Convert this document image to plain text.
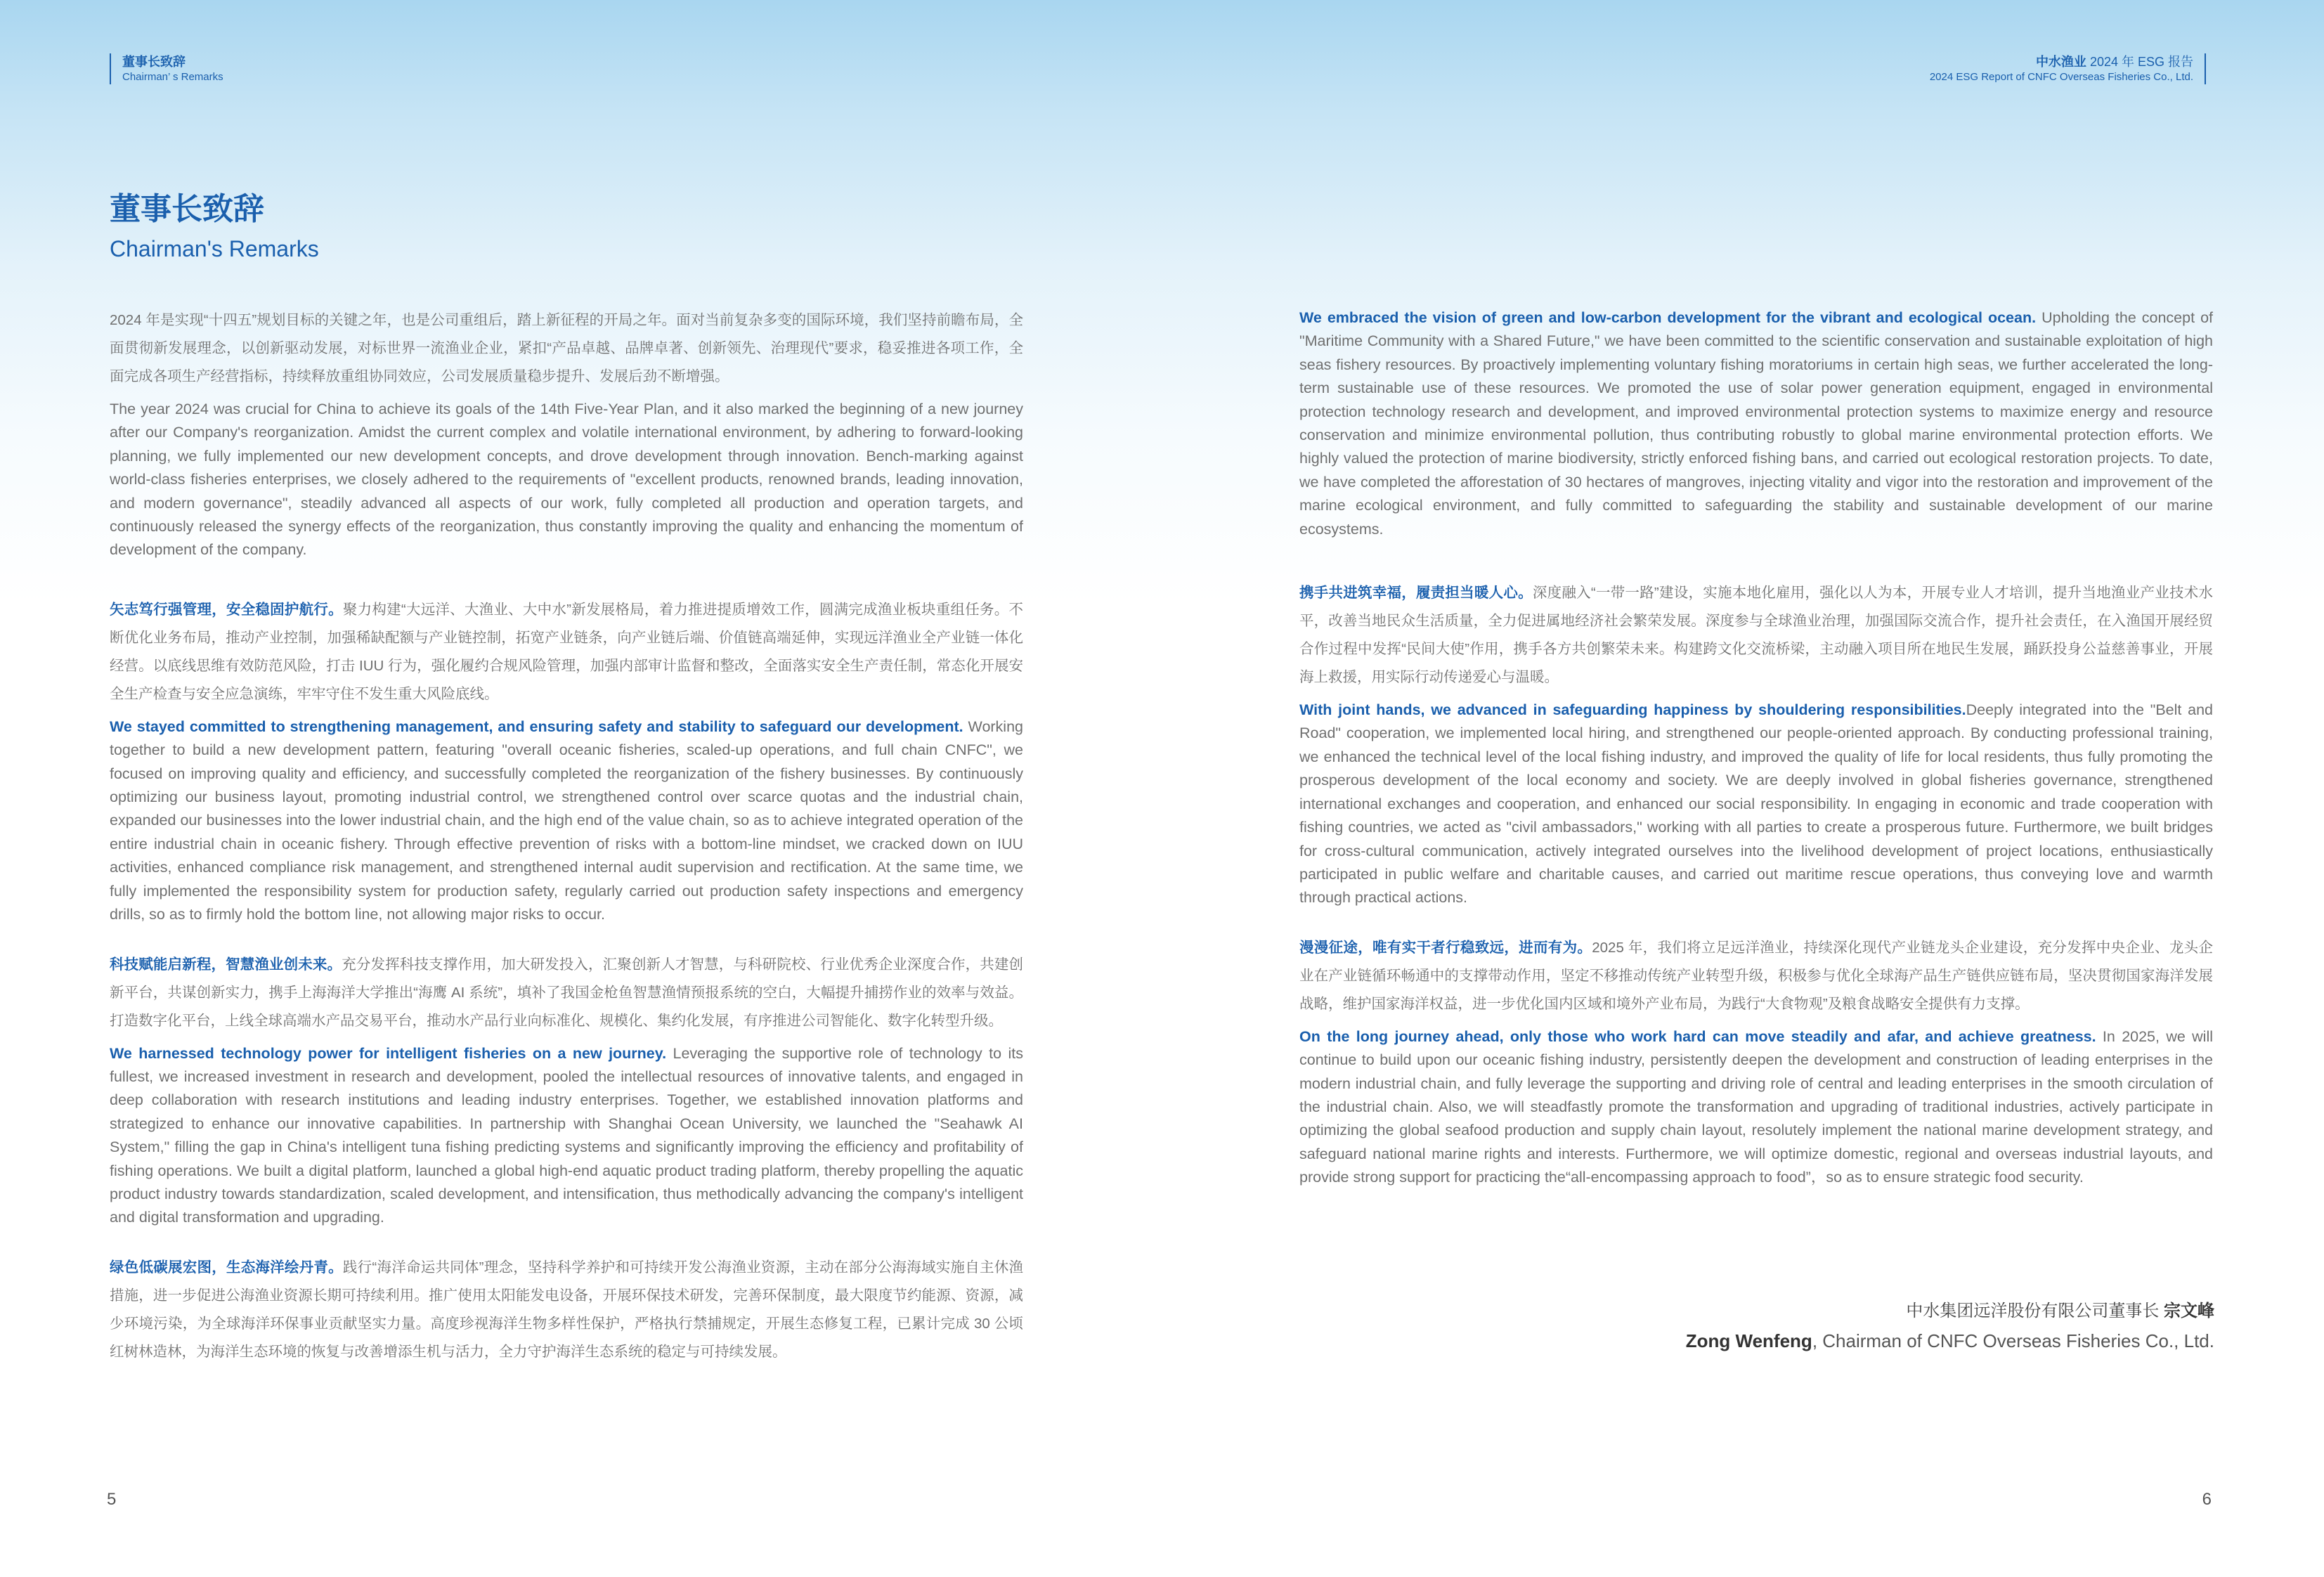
董事长致辞
Chairman’ s Remarks
中水渔业 2024 年 ESG 报告
2024 ESG Report of CNFC Overseas Fisheries Co., Ltd.
董事长致辞
Chairman's Remarks

2024 年是实现“十四五”规划目标的关键之年，也是公司重组后，踏上新征程的开局之年。面对当前复杂多变的国际环境，我们坚持前瞻布局，全面贯彻新发展理念，以创新驱动发展，对标世界一流渔业企业，紧扣“产品卓越、品牌卓著、创新领先、治理现代”要求，稳妥推进各项工作，全面完成各项生产经营指标，持续释放重组协同效应，公司发展质量稳步提升、发展后劲不断增强。

The year 2024 was crucial for China to achieve its goals of the 14th Five-Year Plan, and it also marked the beginning of a new journey after our Company's reorganization. Amidst the current complex and volatile international environment, by adhering to forward-looking planning, we fully implemented our new development concepts, and drove development through innovation. Bench-marking against world-class fisheries enterprises, we closely adhered to the requirements of "excellent products, renowned brands, leading innovation, and modern governance", steadily advanced all aspects of our work, fully completed all production and operation targets, and continuously released the synergy effects of the reorganization, thus constantly improving the quality and enhancing the momentum of development of the company.

矢志笃行强管理，安全稳固护航行。聚力构建“大远洋、大渔业、大中水”新发展格局，着力推进提质增效工作，圆满完成渔业板块重组任务。不断优化业务布局，推动产业控制，加强稀缺配额与产业链控制，拓宽产业链条，向产业链后端、价值链高端延伸，实现远洋渔业全产业链一体化经营。以底线思维有效防范风险，打击 IUU 行为，强化履约合规风险管理，加强内部审计监督和整改，全面落实安全生产责任制，常态化开展安全生产检查与安全应急演练，牢牢守住不发生重大风险底线。

We stayed committed to strengthening management, and ensuring safety and stability to safeguard our development. Working together to build a new development pattern, featuring "overall oceanic fisheries, scaled-up operations, and full chain CNFC", we focused on improving quality and efficiency, and successfully completed the reorganization of the fishery businesses. By continuously optimizing our business layout, promoting industrial control, we strengthened control over scarce quotas and the industrial chain, expanded our businesses into the lower industrial chain, and the high end of the value chain, so as to achieve integrated operation of the entire industrial chain in oceanic fishery. Through effective prevention of risks with a bottom-line mindset, we cracked down on IUU activities, enhanced compliance risk management, and strengthened internal audit supervision and rectification. At the same time, we fully implemented the responsibility system for production safety, regularly carried out production safety inspections and emergency drills, so as to firmly hold the bottom line, not allowing major risks to occur.

科技赋能启新程，智慧渔业创未来。充分发挥科技支撑作用，加大研发投入，汇聚创新人才智慧，与科研院校、行业优秀企业深度合作，共建创新平台，共谋创新实力，携手上海海洋大学推出“海鹰 AI 系统”，填补了我国金枪鱼智慧渔情预报系统的空白，大幅提升捕捞作业的效率与效益。打造数字化平台，上线全球高端水产品交易平台，推动水产品行业向标准化、规模化、集约化发展，有序推进公司智能化、数字化转型升级。

We harnessed technology power for intelligent fisheries on a new journey. Leveraging the supportive role of technology to its fullest, we increased investment in research and development, pooled the intellectual resources of innovative talents, and engaged in deep collaboration with research institutions and leading industry enterprises. Together, we established innovation platforms and strategized to enhance our innovative capabilities. In partnership with Shanghai Ocean University, we launched the "Seahawk AI System," filling the gap in China's intelligent tuna fishing predicting systems and significantly improving the efficiency and profitability of fishing operations. We built a digital platform, launched a global high-end aquatic product trading platform, thereby propelling the aquatic product industry towards standardization, scaled development, and intensification, thus methodically advancing the company's intelligent and digital transformation and upgrading.

绿色低碳展宏图，生态海洋绘丹青。践行“海洋命运共同体”理念，坚持科学养护和可持续开发公海渔业资源，主动在部分公海海域实施自主休渔措施，进一步促进公海渔业资源长期可持续利用。推广使用太阳能发电设备，开展环保技术研发，完善环保制度，最大限度节约能源、资源，减少环境污染，为全球海洋环保事业贡献坚实力量。高度珍视海洋生物多样性保护，严格执行禁捕规定，开展生态修复工程，已累计完成 30 公顷红树林造林，为海洋生态环境的恢复与改善增添生机与活力，全力守护海洋生态系统的稳定与可持续发展。

We embraced the vision of green and low-carbon development for the vibrant and ecological ocean. Upholding the concept of "Maritime Community with a Shared Future," we have been committed to the scientific conservation and sustainable exploitation of high seas fishery resources. By proactively implementing voluntary fishing moratoriums in certain high seas, we further accelerated the long-term sustainable use of these resources. We promoted the use of solar power generation equipment, engaged in environmental protection technology research and development, and improved environmental protection systems to maximize energy and resource conservation and minimize environmental pollution, thus contributing robustly to global marine environmental protection efforts. We highly valued the protection of marine biodiversity, strictly enforced fishing bans, and carried out ecological restoration projects. To date, we have completed the afforestation of 30 hectares of mangroves, injecting vitality and vigor into the restoration and improvement of the marine ecological environment, and fully committed to safeguarding the stability and sustainable development of our marine ecosystems.

携手共进筑幸福，履责担当暖人心。深度融入“一带一路”建设，实施本地化雇用，强化以人为本，开展专业人才培训，提升当地渔业产业技术水平，改善当地民众生活质量，全力促进属地经济社会繁荣发展。深度参与全球渔业治理，加强国际交流合作，提升社会责任，在入渔国开展经贸合作过程中发挥“民间大使”作用，携手各方共创繁荣未来。构建跨文化交流桥梁，主动融入项目所在地民生发展，踊跃投身公益慈善事业，开展海上救援，用实际行动传递爱心与温暖。

With joint hands, we advanced in safeguarding happiness by shouldering responsibilities.Deeply integrated into the "Belt and Road" cooperation, we implemented local hiring, and strengthened our people-oriented approach. By conducting professional training, we enhanced the technical level of the local fishing industry, and improved the quality of life for local residents, thus fully promoting the prosperous development of the local economy and society. We are deeply involved in global fisheries governance, strengthened international exchanges and cooperation, and enhanced our social responsibility. In engaging in economic and trade cooperation with fishing countries, we acted as "civil ambassadors," working with all parties to create a prosperous future. Furthermore, we built bridges for cross-cultural communication, actively integrated ourselves into the livelihood development of project locations, enthusiastically participated in public welfare and charitable causes, and carried out maritime rescue operations, thus conveying love and warmth through practical actions.

漫漫征途，唯有实干者行稳致远，进而有为。2025 年，我们将立足远洋渔业，持续深化现代产业链龙头企业建设，充分发挥中央企业、龙头企业在产业链循环畅通中的支撑带动作用，坚定不移推动传统产业转型升级，积极参与优化全球海产品生产链供应链布局，坚决贯彻国家海洋发展战略，维护国家海洋权益，进一步优化国内区域和境外产业布局，为践行“大食物观”及粮食战略安全提供有力支撑。

On the long journey ahead, only those who work hard can move steadily and afar, and achieve greatness. In 2025, we will continue to build upon our oceanic fishing industry, persistently deepen the development and construction of leading enterprises in the modern industrial chain, and fully leverage the supporting and driving role of central and leading enterprises in the smooth circulation of the industrial chain. Also, we will steadfastly promote the transformation and upgrading of traditional industries, actively participate in optimizing the global seafood production and supply chain layout, resolutely implement the national marine development strategy, and safeguard national marine rights and interests. Furthermore, we will optimize domestic, regional and overseas industrial layouts, and provide strong support for practicing the“all-encompassing approach to food”，so as to ensure strategic food security.

中水集团远洋股份有限公司董事长 宗文峰
Zong Wenfeng, Chairman of CNFC Overseas Fisheries Co., Ltd.
5	6
